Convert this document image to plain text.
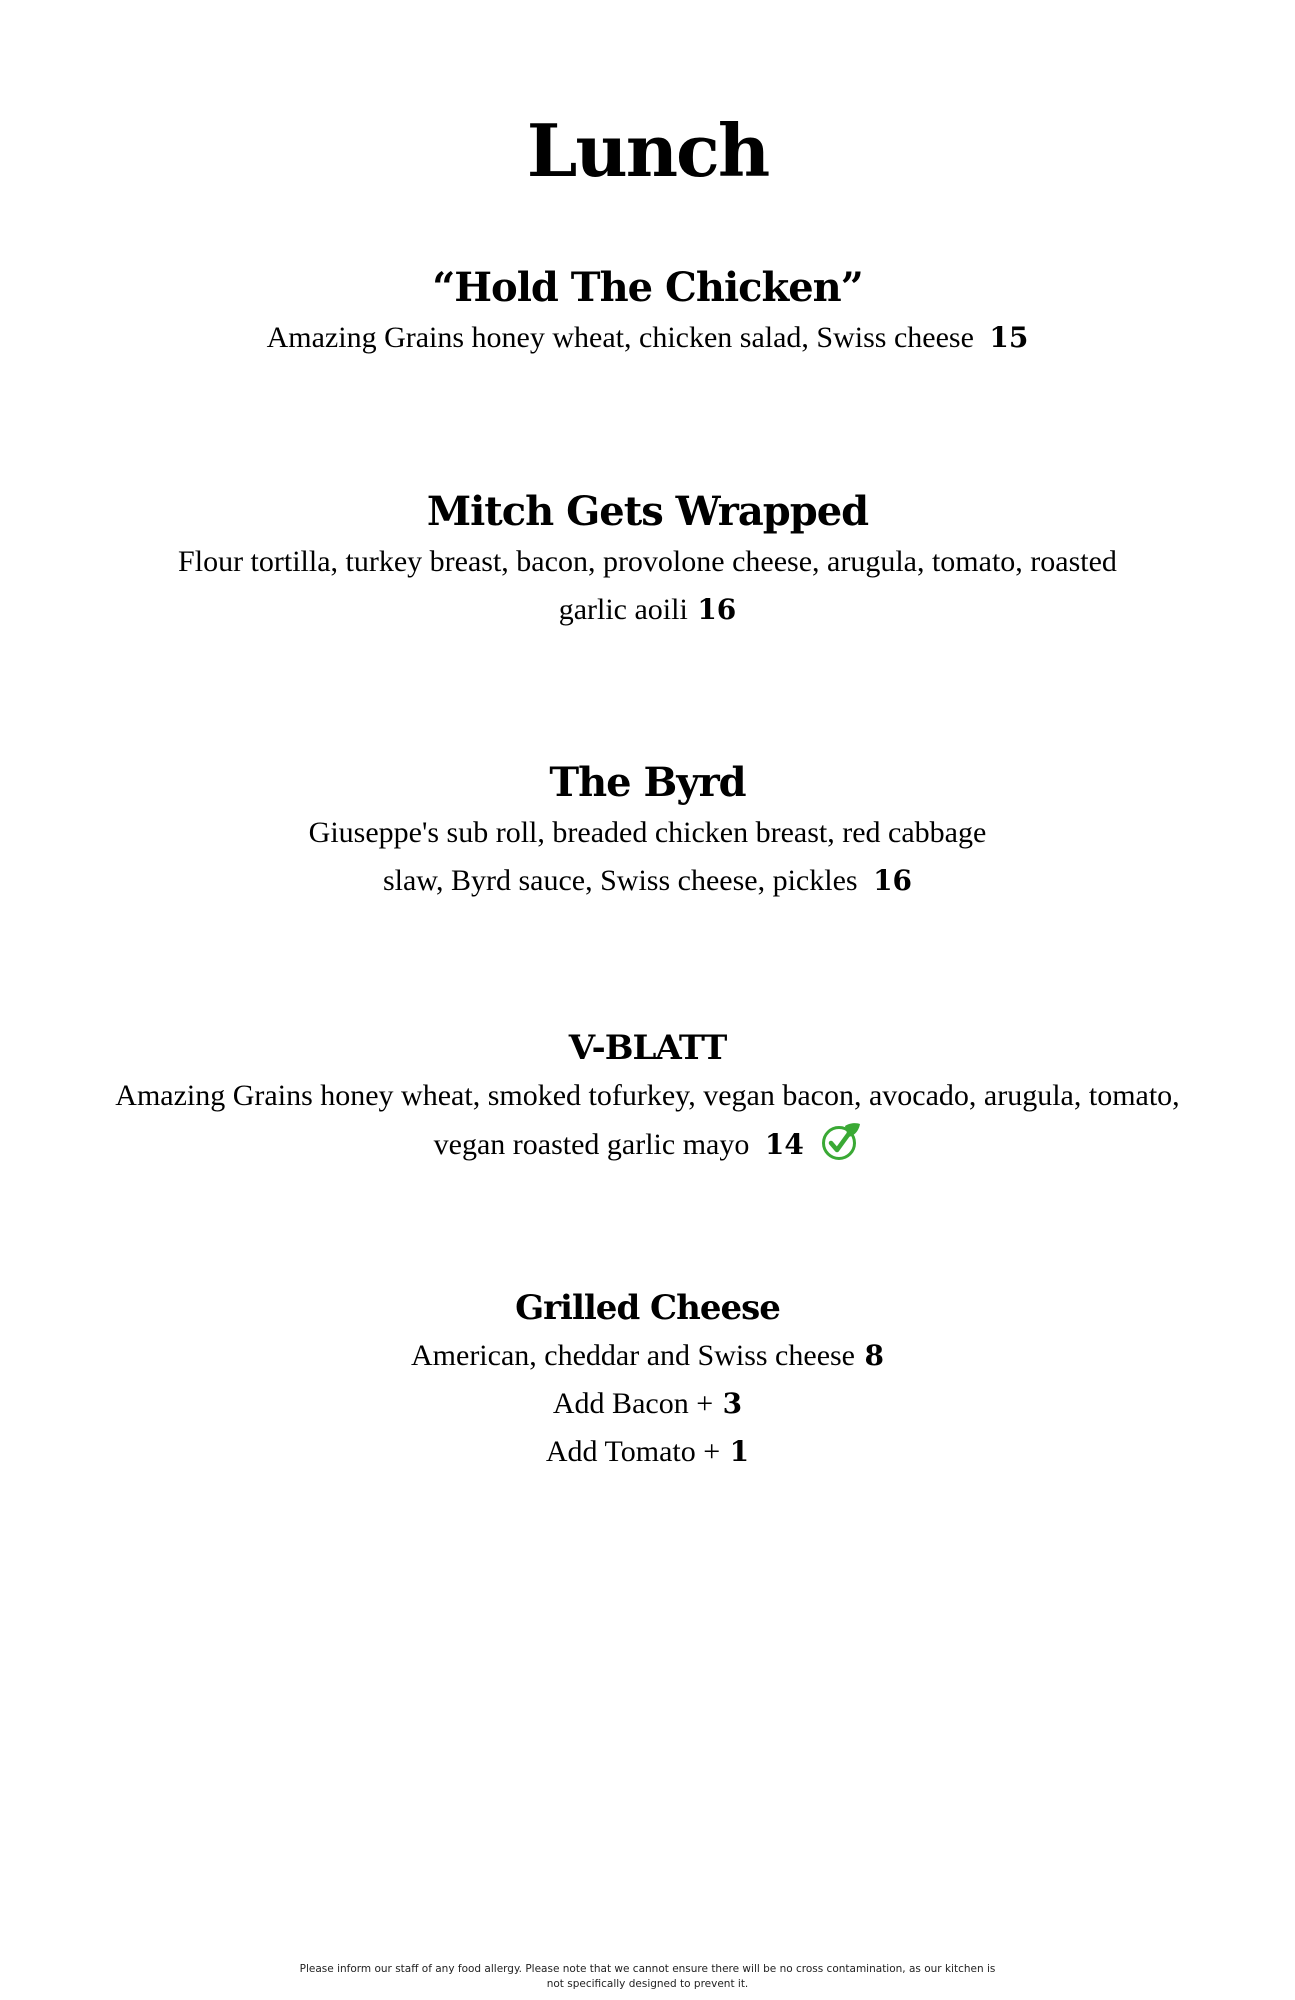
Lunch
“Hold The Chicken”
Amazing Grains honey wheat, chicken salad, Swiss cheese 15
Mitch Gets Wrapped
Flour tortilla, turkey breast, bacon, provolone cheese, arugula, tomato, roasted
garlic aoili 16
The Byrd
Giuseppe's sub roll, breaded chicken breast, red cabbage
slaw, Byrd sauce, Swiss cheese, pickles 16
V-BLATT
Amazing Grains honey wheat, smoked tofurkey, vegan bacon, avocado, arugula, tomato,
vegan roasted garlic mayo 14
Grilled Cheese
American, cheddar and Swiss cheese 8
Add Bacon + 3
Add Tomato + 1
Please inform our staff of any food allergy. Please note that we cannot ensure there will be no cross contamination, as our kitchen is
not specifically designed to prevent it.
